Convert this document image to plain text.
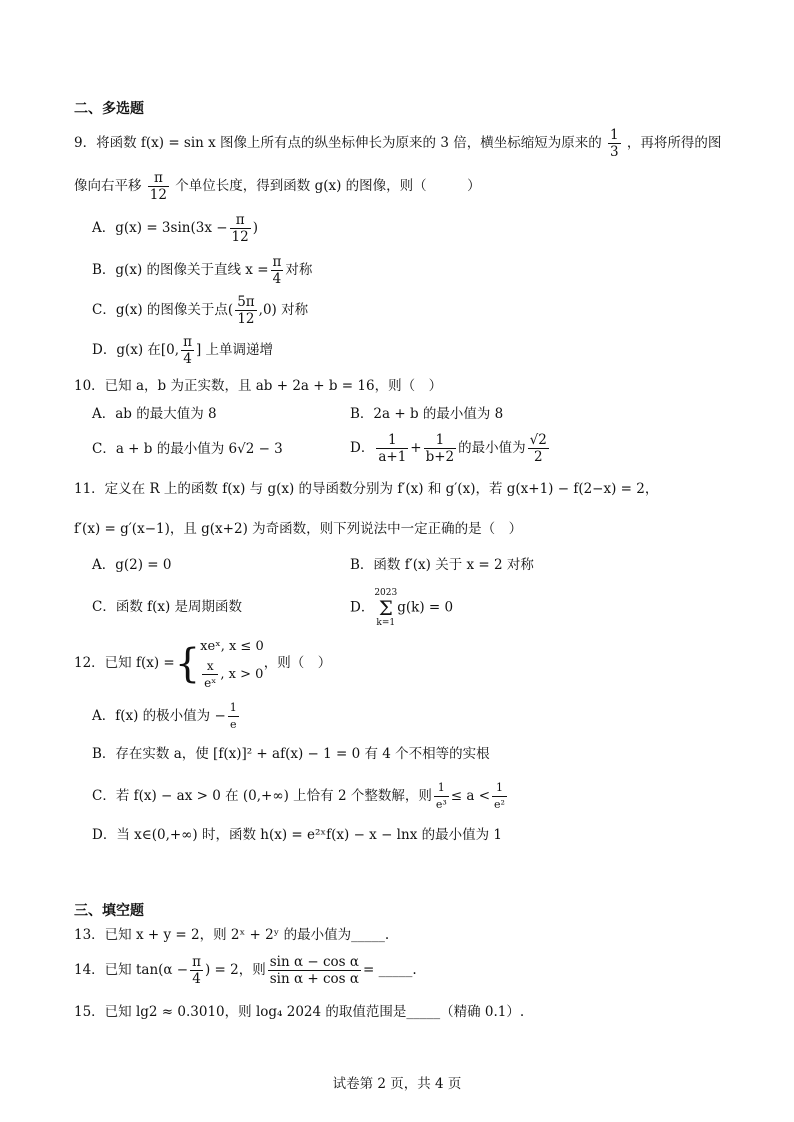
二、多选题
9．将函数 f(x) = sin x 图像上所有点的纵坐标伸长为原来的 3 倍，横坐标缩短为原来的 $\frac{1}{3}$ ，再将所得的图
像向右平移 $\frac{\pi}{12}$ 个单位长度，得到函数 g(x) 的图像，则（　　　）
A．$g(x) = 3\sin(3x - \frac{\pi}{12}$ )
B．g(x) 的图像关于直线 $x = \frac{\pi}{4}$ 对称
C．g(x) 的图像关于点( $\frac{5\pi}{12} ,0$) 对称
D．g(x) 在[0, $\frac{\pi}{4}$ ] 上单调递增
10．已知 a，b 为正实数，且 ab + 2a + b = 16，则（　）
A．ab 的最大值为 8	B．2a + b 的最小值为 8
C．a + b 的最小值为 6√2 − 3	D． $\frac{1}{a+1} + \frac{1}{b+2}$ 的最小值为 $\frac{√2}{2}$
11．定义在 R 上的函数 f(x) 与 g(x) 的导函数分别为 f′(x) 和 g′(x)，若 g(x+1) − f(2−x) = 2，
f′(x) = g′(x−1)，且 g(x+2) 为奇函数，则下列说法中一定正确的是（　）
A．g(2) = 0	B．函数 f′(x) 关于 x = 2 对称
C．函数 f(x) 是周期函数	D．2023
Σ
k=1g(k) = 0
12．已知 f(x) ={ xeˣ, x ≤ 0
$\frac{x}{\text{eˣ}}$ , x > 0
，则（　）
A．f(x) 的极小值为 − $\frac{1}{e}$
B．存在实数 a，使 [f(x)]² + af(x) − 1 = 0 有 4 个不相等的实根
C．若 f(x) − ax > 0 在 (0,+∞) 上恰有 2 个整数解，则 $\frac{1}{\text{e³}} \le a < \frac{1}{\text{e²}}$
D．当 x∈(0,+∞) 时，函数 h(x) = e²ˣf(x) − x − lnx 的最小值为 1
三、填空题
13．已知 x + y = 2，则 2ˣ + 2ʸ 的最小值为_____.
14．已知 $\tan(\alpha - \frac{\pi}{4}$ ) = 2，则 $\frac{\text{sin α − cos α}}{\text{sin α + cos α}}$ = _____.
15．已知 lg2 ≈ 0.3010，则 log₄ 2024 的取值范围是_____（精确 0.1）.
试卷第 2 页，共 4 页
